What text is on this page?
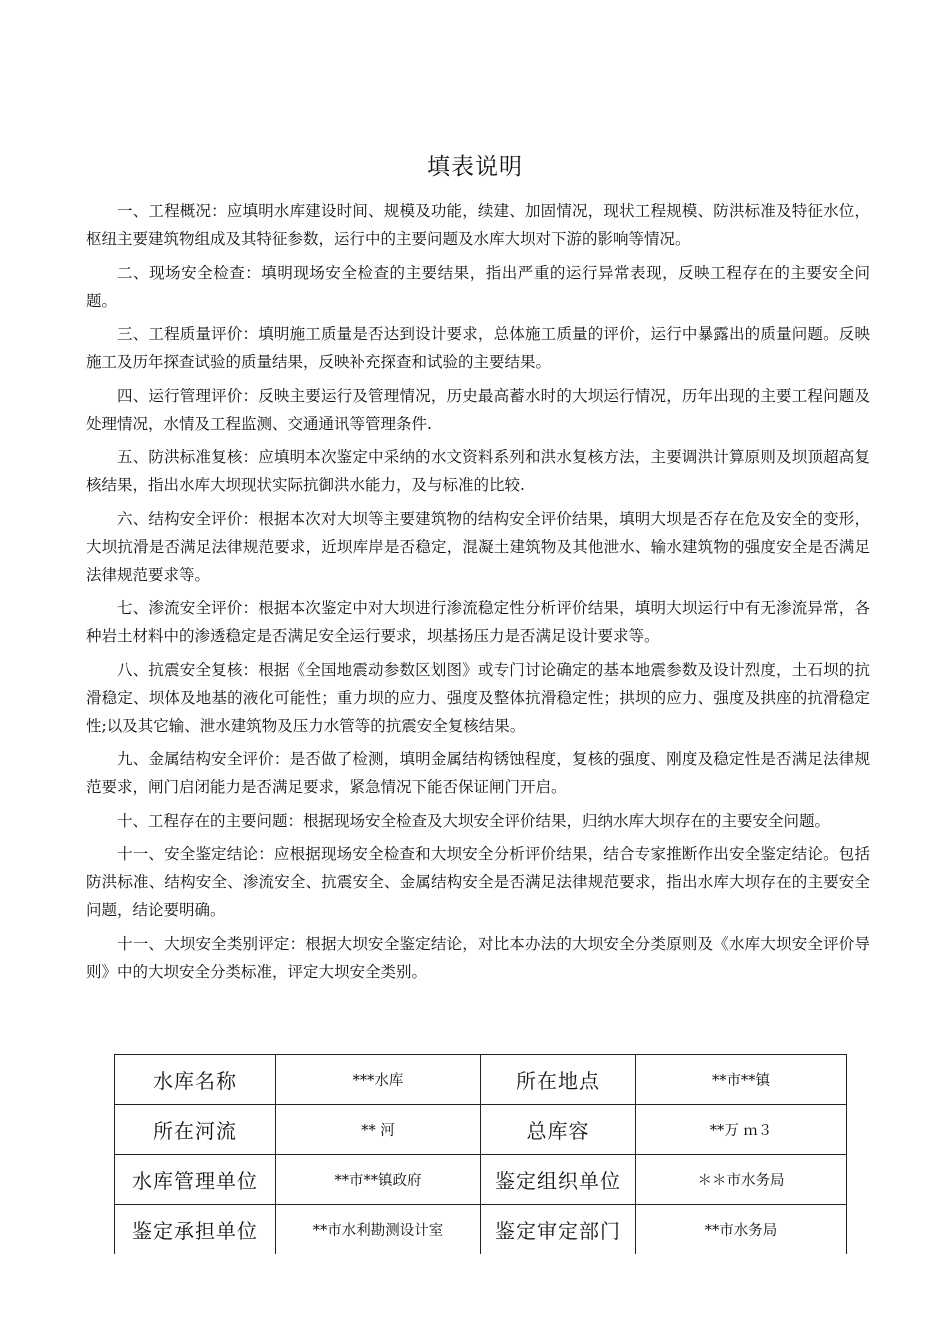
填表说明

一、工程概况：应填明水库建设时间、规模及功能，续建、加固情况，现状工程规模、防洪标准及特征水位，枢纽主要建筑物组成及其特征参数，运行中的主要问题及水库大坝对下游的影响等情况。

二、现场安全检查：填明现场安全检查的主要结果，指出严重的运行异常表现，反映工程存在的主要安全问题。

三、工程质量评价：填明施工质量是否达到设计要求，总体施工质量的评价，运行中暴露出的质量问题。反映施工及历年探查试验的质量结果，反映补充探查和试验的主要结果。

四、运行管理评价：反映主要运行及管理情况，历史最高蓄水时的大坝运行情况，历年出现的主要工程问题及处理情况，水情及工程监测、交通通讯等管理条件.

五、防洪标准复核：应填明本次鉴定中采纳的水文资料系列和洪水复核方法，主要调洪计算原则及坝顶超高复核结果，指出水库大坝现状实际抗御洪水能力，及与标准的比较.

六、结构安全评价：根据本次对大坝等主要建筑物的结构安全评价结果，填明大坝是否存在危及安全的变形，大坝抗滑是否满足法律规范要求，近坝库岸是否稳定，混凝土建筑物及其他泄水、输水建筑物的强度安全是否满足法律规范要求等。

七、渗流安全评价：根据本次鉴定中对大坝进行渗流稳定性分析评价结果，填明大坝运行中有无渗流异常，各种岩土材料中的渗透稳定是否满足安全运行要求，坝基扬压力是否满足设计要求等。

八、抗震安全复核：根据《全国地震动参数区划图》或专门讨论确定的基本地震参数及设计烈度，土石坝的抗滑稳定、坝体及地基的液化可能性；重力坝的应力、强度及整体抗滑稳定性；拱坝的应力、强度及拱座的抗滑稳定性;以及其它输、泄水建筑物及压力水管等的抗震安全复核结果。

九、金属结构安全评价：是否做了检测，填明金属结构锈蚀程度，复核的强度、刚度及稳定性是否满足法律规范要求，闸门启闭能力是否满足要求，紧急情况下能否保证闸门开启。

十、工程存在的主要问题：根据现场安全检查及大坝安全评价结果，归纳水库大坝存在的主要安全问题。

十一、安全鉴定结论：应根据现场安全检查和大坝安全分析评价结果，结合专家推断作出安全鉴定结论。包括防洪标准、结构安全、渗流安全、抗震安全、金属结构安全是否满足法律规范要求，指出水库大坝存在的主要安全问题，结论要明确。

十一、大坝安全类别评定：根据大坝安全鉴定结论，对比本办法的大坝安全分类原则及《水库大坝安全评价导则》中的大坝安全分类标准，评定大坝安全类别。

水库名称	***水库	所在地点	**市**镇
所在河流	** 河	总库容	**万 ｍ３
水库管理单位	**市**镇政府	鉴定组织单位	＊＊市水务局
鉴定承担单位	**市水利勘测设计室	鉴定审定部门	**市水务局
